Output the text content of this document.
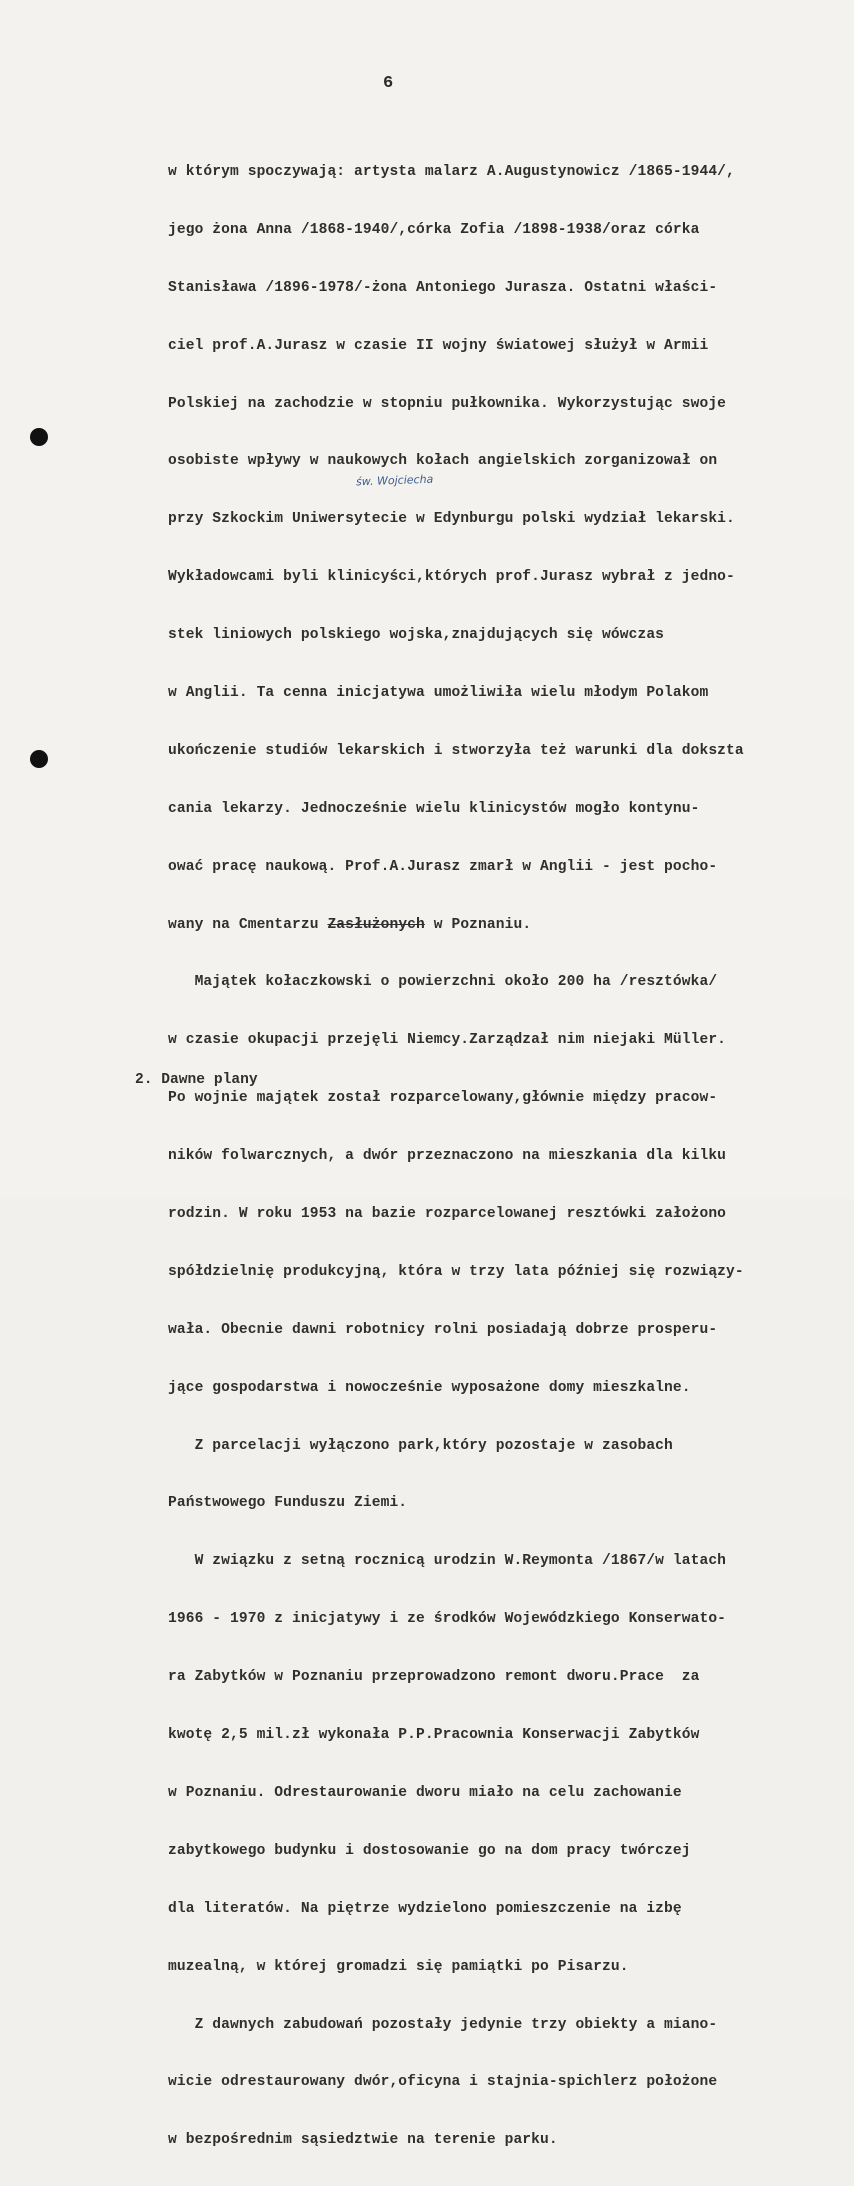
6

w którym spoczywają: artysta malarz A.Augustynowicz /1865-1944/,

jego żona Anna /1868-1940/,córka Zofia /1898-1938/oraz córka

Stanisława /1896-1978/-żona Antoniego Jurasza. Ostatni właści-

ciel prof.A.Jurasz w czasie II wojny światowej służył w Armii

Polskiej na zachodzie w stopniu pułkownika. Wykorzystując swoje

osobiste wpływy w naukowych kołach angielskich zorganizował on

przy Szkockim Uniwersytecie w Edynburgu polski wydział lekarski.

Wykładowcami byli klinicyści,których prof.Jurasz wybrał z jedno-

stek liniowych polskiego wojska,znajdujących się wówczas

w Anglii. Ta cenna inicjatywa umożliwiła wielu młodym Polakom

ukończenie studiów lekarskich i stworzyła też warunki dla dokszta

cania lekarzy. Jednocześnie wielu klinicystów mogło kontynu-

ować pracę naukową. Prof.A.Jurasz zmarł w Anglii - jest pocho-

wany na Cmentarzu Zasłużonych w Poznaniu.

Majątek kołaczkowski o powierzchni około 200 ha /resztówka/

w czasie okupacji przejęli Niemcy.Zarządzał nim niejaki Müller.

Po wojnie majątek został rozparcelowany,głównie między pracow-

ników folwarcznych, a dwór przeznaczono na mieszkania dla kilku

rodzin. W roku 1953 na bazie rozparcelowanej resztówki założono

spółdzielnię produkcyjną, która w trzy lata później się rozwiązy-

wała. Obecnie dawni robotnicy rolni posiadają dobrze prosperu-

jące gospodarstwa i nowocześnie wyposażone domy mieszkalne.

Z parcelacji wyłączono park,który pozostaje w zasobach

Państwowego Funduszu Ziemi.

W związku z setną rocznicą urodzin W.Reymonta /1867/w latach

1966 - 1970 z inicjatywy i ze środków Wojewódzkiego Konserwato-

ra Zabytków w Poznaniu przeprowadzono remont dworu.Prace  za

kwotę 2,5 mil.zł wykonała P.P.Pracownia Konserwacji Zabytków

w Poznaniu. Odrestaurowanie dworu miało na celu zachowanie

zabytkowego budynku i dostosowanie go na dom pracy twórczej

dla literatów. Na piętrze wydzielono pomieszczenie na izbę

muzealną, w której gromadzi się pamiątki po Pisarzu.

Z dawnych zabudowań pozostały jedynie trzy obiekty a miano-

wicie odrestaurowany dwór,oficyna i stajnia-spichlerz położone

w bezpośrednim sąsiedztwie na terenie parku.

św. Wojciecha
2. Dawne plany
